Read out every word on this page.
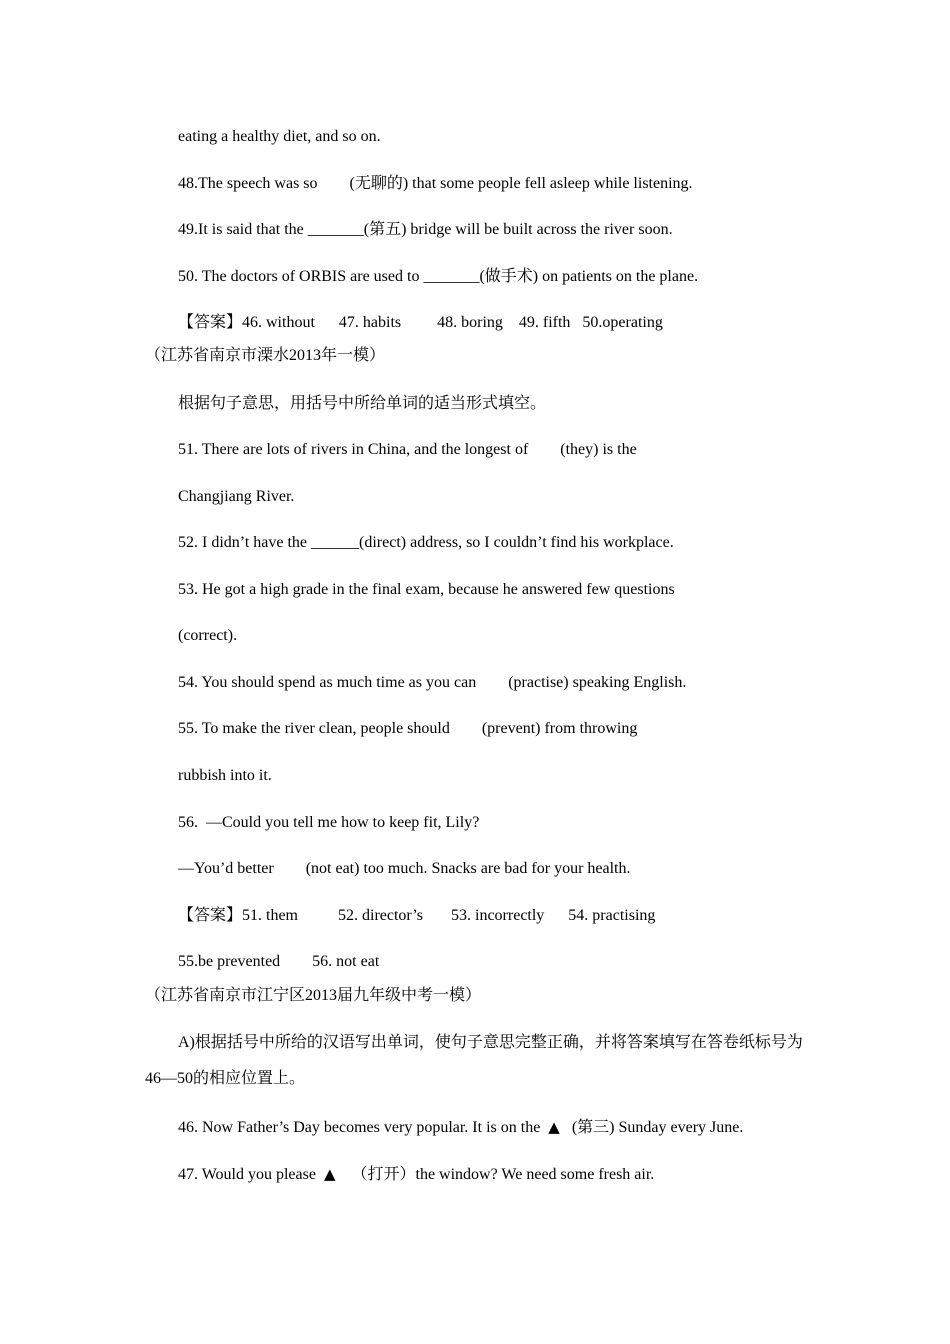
eating a healthy diet, and so on.
48.The speech was so        (无聊的) that some people fell asleep while listening.
49.It is said that the _______(第五) bridge will be built across the river soon.
50. The doctors of ORBIS are used to _______(做手术) on patients on the plane.
【答案】46. without      47. habits         48. boring    49. fifth   50.operating
（江苏省南京市溧水2013年一模）
根据句子意思，用括号中所给单词的适当形式填空。
51. There are lots of rivers in China, and the longest of        (they) is the
Changjiang River.
52. I didn’t have the ______(direct) address, so I couldn’t find his workplace.
53. He got a high grade in the final exam, because he answered few questions
(correct).
54. You should spend as much time as you can        (practise) speaking English.
55. To make the river clean, people should        (prevent) from throwing
rubbish into it.
56.  —Could you tell me how to keep fit, Lily?
—You’d better        (not eat) too much. Snacks are bad for your health.
【答案】51. them          52. director’s       53. incorrectly      54. practising
55.be prevented        56. not eat
（江苏省南京市江宁区2013届九年级中考一模）
A)根据括号中所给的汉语写出单词，使句子意思完整正确，并将答案填写在答卷纸标号为46—50的相应位置上。
46. Now Father’s Day becomes very popular. It is on the  ▲   (第三) Sunday every June.
47. Would you please  ▲    （打开）the window? We need some fresh air.
